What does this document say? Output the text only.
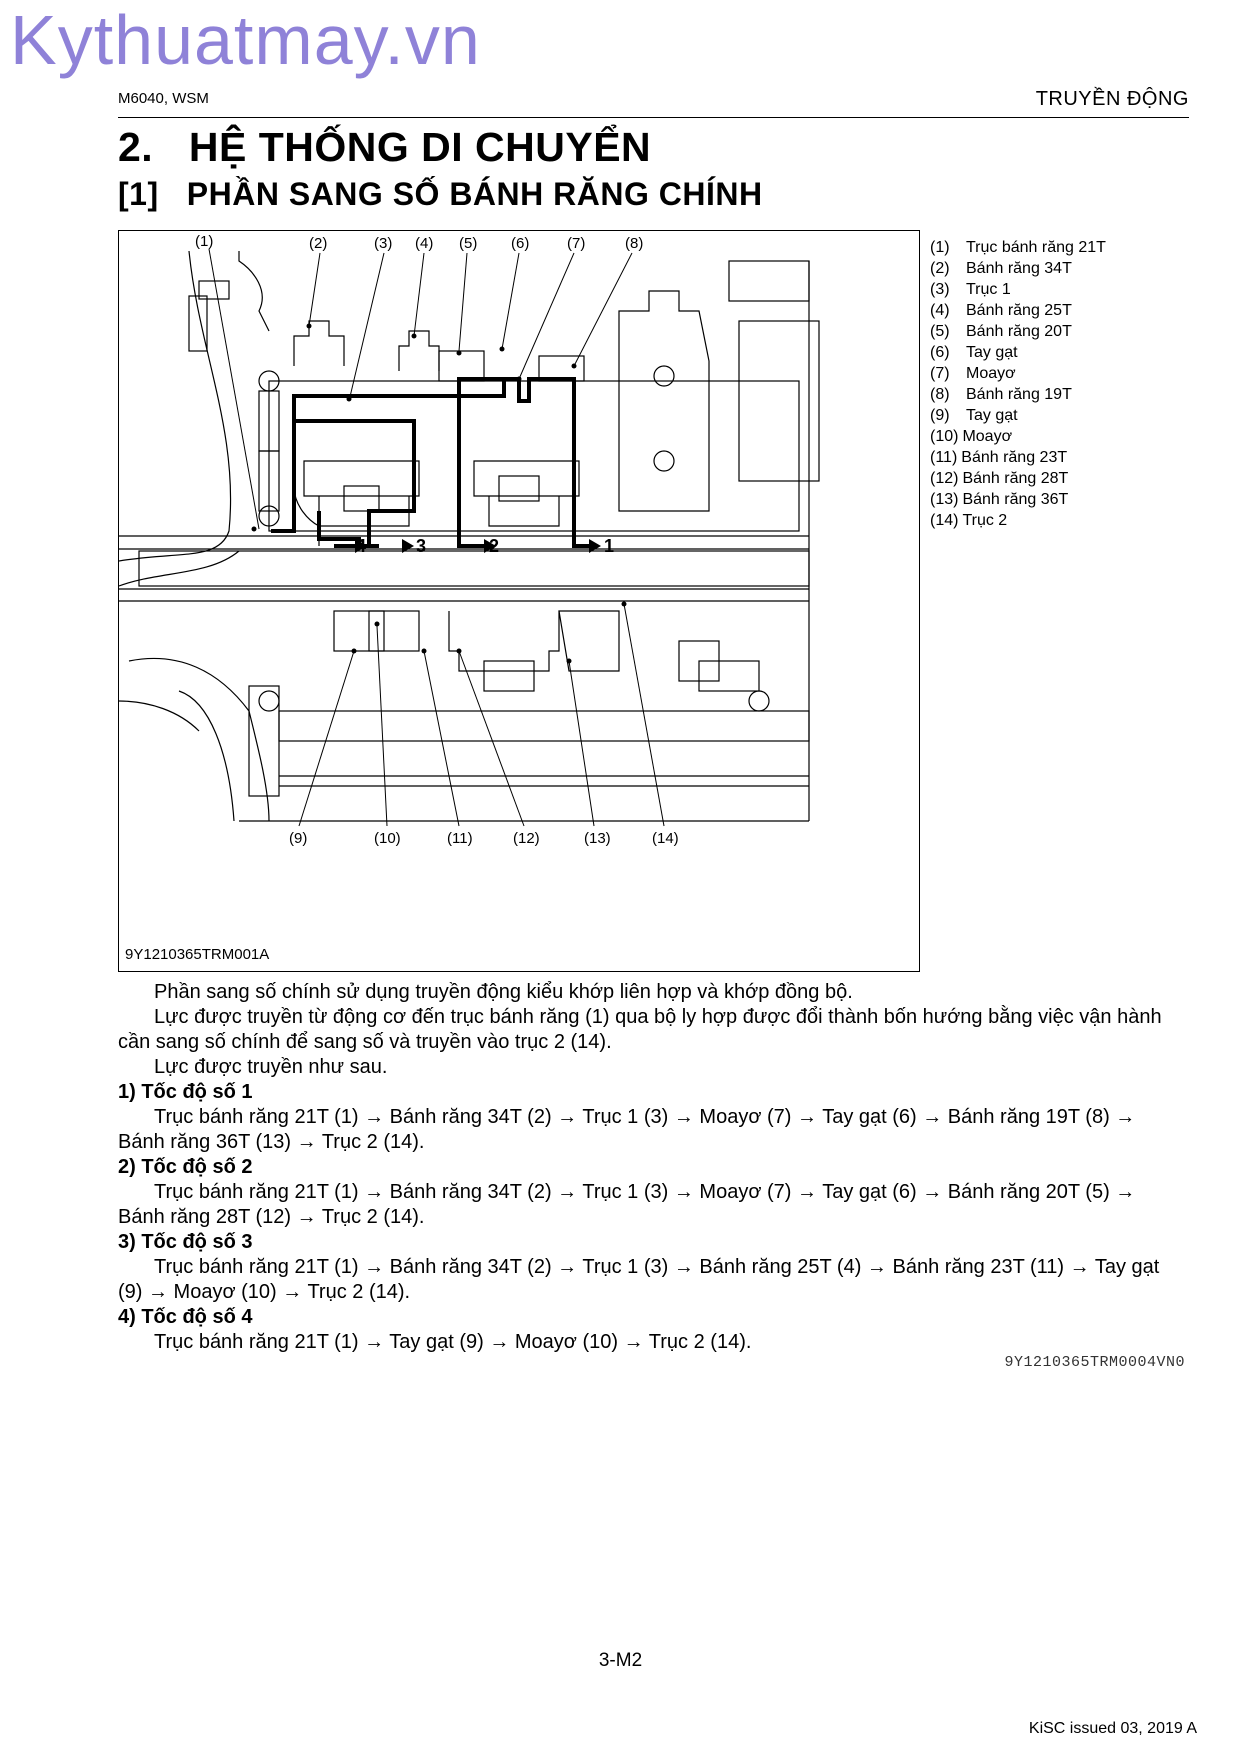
Kythuatmay.vn
M6040, WSM	TRUYỀN ĐỘNG
2.   HỆ THỐNG DI CHUYỂN
[1]   PHẦN SANG SỐ BÁNH RĂNG CHÍNH
(1)	(2)	(3) (4) (5) (6)	(7)	(8)
(9)	(10)	(11)	(12)	(13)	(14)
4	3	2	1
9Y1210365TRM001A
(1) Trục bánh răng 21T
(2) Bánh răng 34T
(3) Trục 1
(4) Bánh răng 25T
(5) Bánh răng 20T
(6) Tay gạt
(7) Moayơ
(8) Bánh răng 19T
(9) Tay gạt
(10) Moayơ
(11) Bánh răng 23T
(12) Bánh răng 28T
(13) Bánh răng 36T
(14) Trục 2
Phần sang số chính sử dụng truyền động kiểu khớp liên hợp và khớp đồng bộ.
Lực được truyền từ động cơ đến trục bánh răng (1) qua bộ ly hợp được đổi thành bốn hướng bằng việc vận hành cần sang số chính để sang số và truyền vào trục 2 (14).
Lực được truyền như sau.
1) Tốc độ số 1
Trục bánh răng 21T (1) → Bánh răng 34T (2) → Trục 1 (3) → Moayơ (7) → Tay gạt (6) → Bánh răng 19T (8) → Bánh răng 36T (13) → Trục 2 (14).
2) Tốc độ số 2
Trục bánh răng 21T (1) → Bánh răng 34T (2) → Trục 1 (3) → Moayơ (7) → Tay gạt (6) → Bánh răng 20T (5) → Bánh răng 28T (12) → Trục 2 (14).
3) Tốc độ số 3
Trục bánh răng 21T (1) → Bánh răng 34T (2) → Trục 1 (3) → Bánh răng 25T (4) → Bánh răng 23T (11) → Tay gạt (9) → Moayơ (10) → Trục 2 (14).
4) Tốc độ số 4
Trục bánh răng 21T (1) → Tay gạt (9) → Moayơ (10) → Trục 2 (14).
9Y1210365TRM0004VN0
3-M2
KiSC issued 03, 2019 A
